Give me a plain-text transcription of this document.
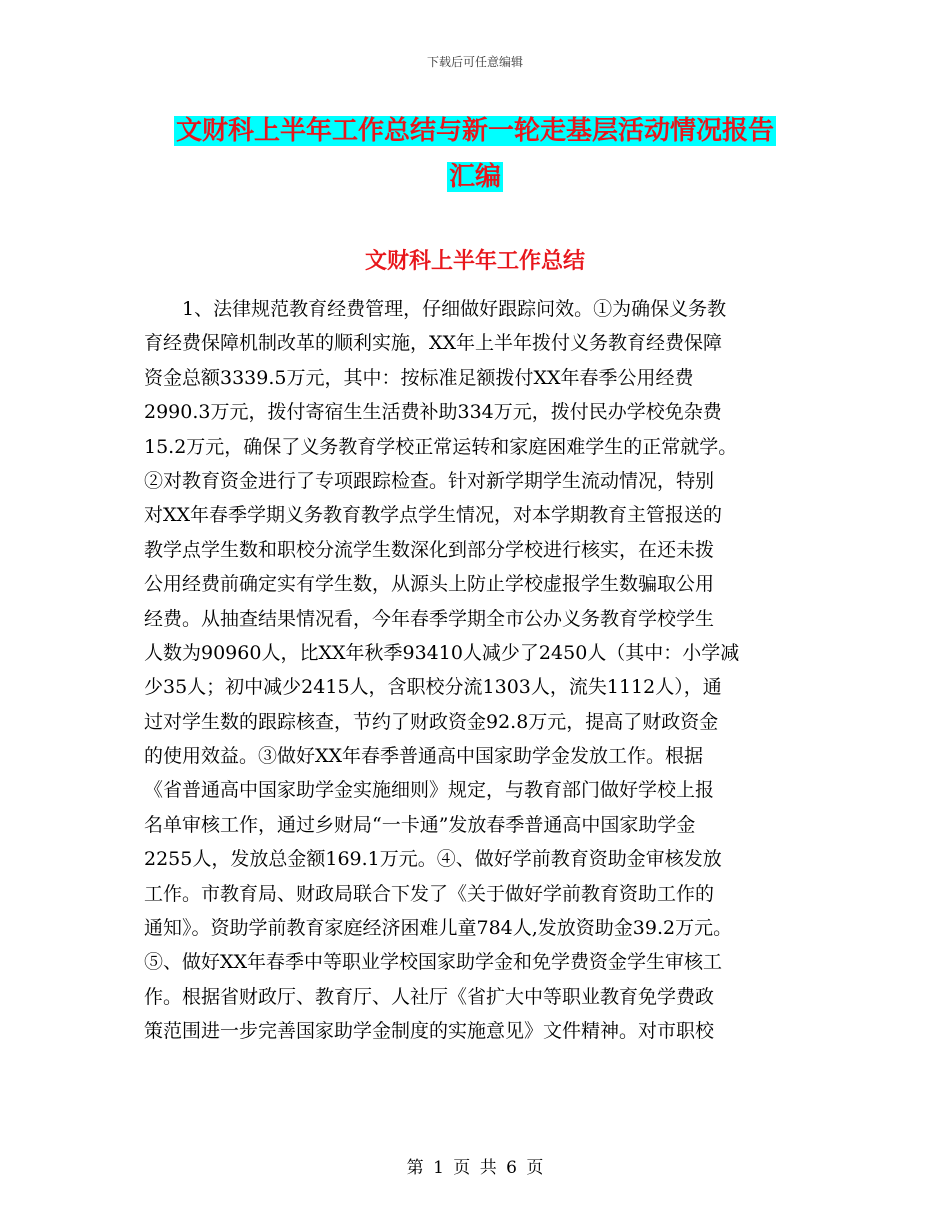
下载后可任意编辑
文财科上半年工作总结与新一轮走基层活动情况报告
汇编
文财科上半年工作总结
　　1、法律规范教育经费管理，仔细做好跟踪问效。①为确保义务教
育经费保障机制改革的顺利实施，XX年上半年拨付义务教育经费保障
资金总额3339.5万元，其中：按标准足额拨付XX年春季公用经费
2990.3万元，拨付寄宿生生活费补助334万元，拨付民办学校免杂费
15.2万元，确保了义务教育学校正常运转和家庭困难学生的正常就学。
②对教育资金进行了专项跟踪检查。针对新学期学生流动情况，特别
对XX年春季学期义务教育教学点学生情况，对本学期教育主管报送的
教学点学生数和职校分流学生数深化到部分学校进行核实，在还未拨
公用经费前确定实有学生数，从源头上防止学校虚报学生数骗取公用
经费。从抽查结果情况看，今年春季学期全市公办义务教育学校学生
人数为90960人，比XX年秋季93410人减少了2450人（其中：小学减
少35人；初中减少2415人，含职校分流1303人，流失1112人），通
过对学生数的跟踪核查，节约了财政资金92.8万元，提高了财政资金
的使用效益。③做好XX年春季普通高中国家助学金发放工作。根据
《省普通高中国家助学金实施细则》规定，与教育部门做好学校上报
名单审核工作，通过乡财局“一卡通”发放春季普通高中国家助学金
2255人，发放总金额169.1万元。④、做好学前教育资助金审核发放
工作。市教育局、财政局联合下发了《关于做好学前教育资助工作的
通知》。资助学前教育家庭经济困难儿童784人,发放资助金39.2万元。
⑤、做好XX年春季中等职业学校国家助学金和免学费资金学生审核工
作。根据省财政厅、教育厅、人社厅《省扩大中等职业教育免学费政
策范围进一步完善国家助学金制度的实施意见》文件精神。对市职校
第 1 页 共 6 页
